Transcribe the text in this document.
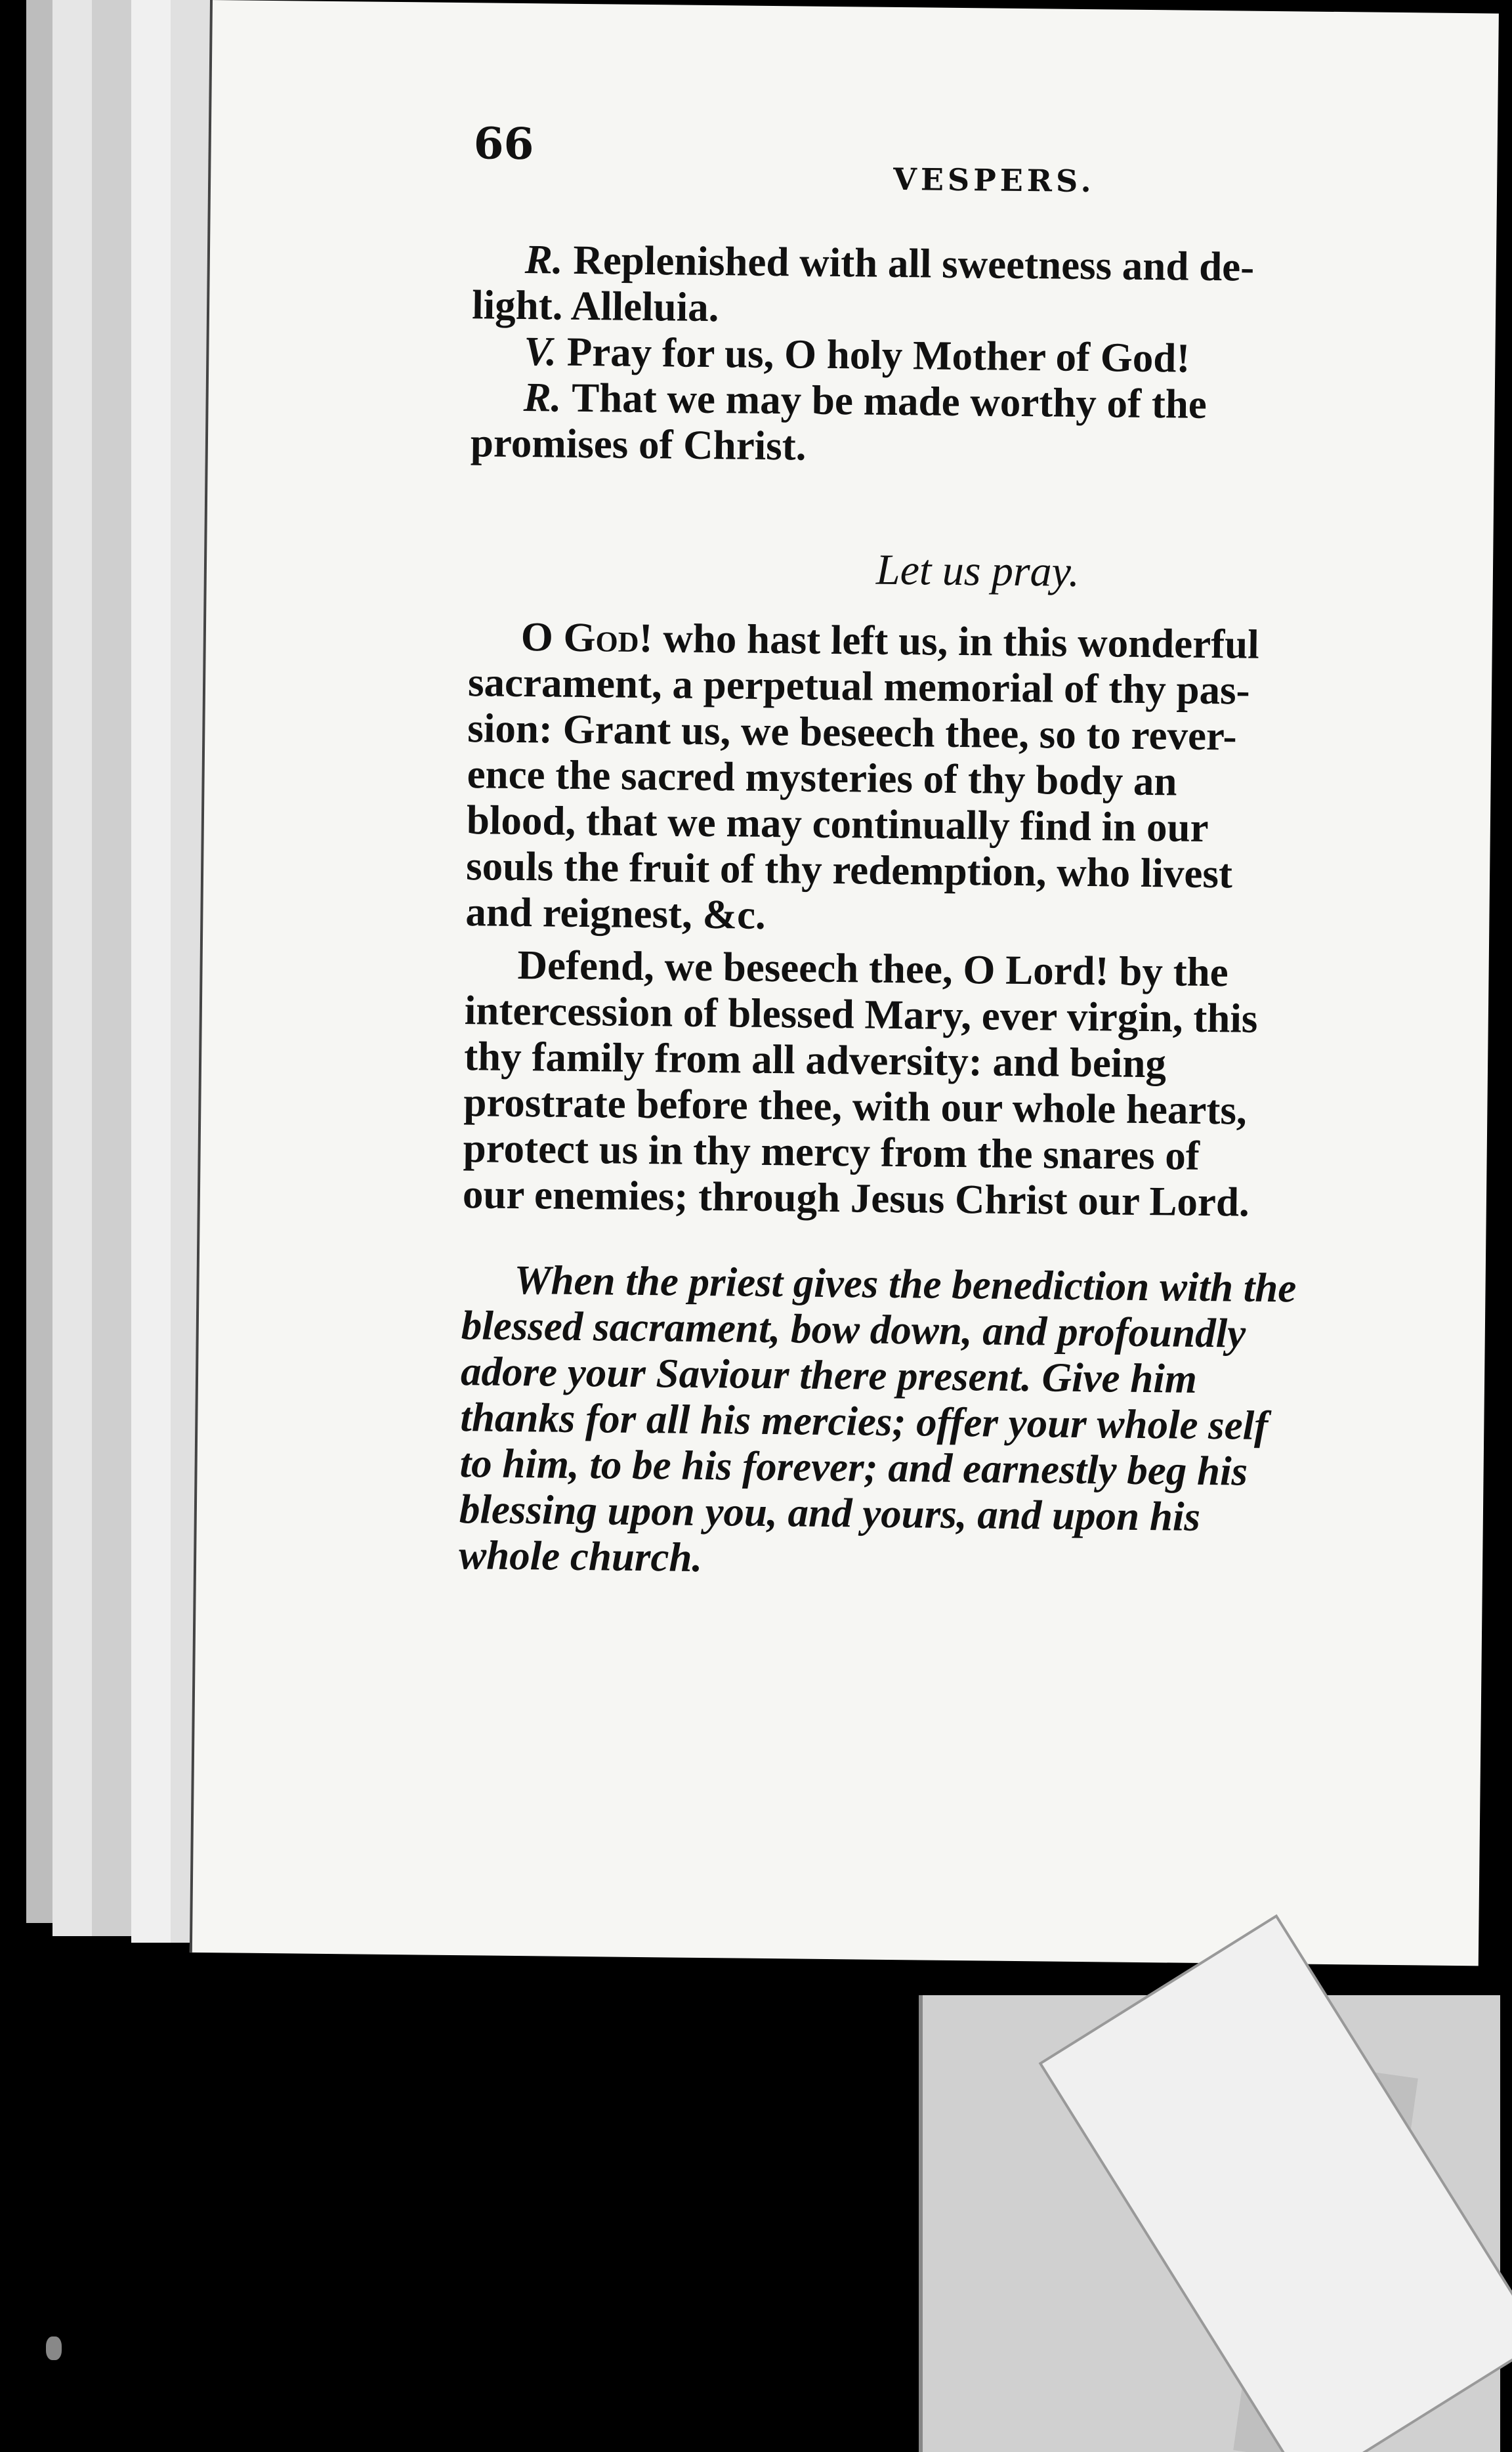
66
VESPERS.
R. Replenished with all sweetness and de-
light. Alleluia.
V. Pray for us, O holy Mother of God!
R. That we may be made worthy of the
promises of Christ.
Let us pray.
O God! who hast left us, in this wonderful
sacrament, a perpetual memorial of thy pas-
sion: Grant us, we beseech thee, so to rever-
ence the sacred mysteries of thy body an
blood, that we may continually find in our
souls the fruit of thy redemption, who livest
and reignest, &c.
Defend, we beseech thee, O Lord! by the
intercession of blessed Mary, ever virgin, this
thy family from all adversity: and being
prostrate before thee, with our whole hearts,
protect us in thy mercy from the snares of
our enemies; through Jesus Christ our Lord.
When the priest gives the benediction with the
blessed sacrament, bow down, and profoundly
adore your Saviour there present. Give him
thanks for all his mercies; offer your whole self
to him, to be his forever; and earnestly beg his
blessing upon you, and yours, and upon his
whole church.
